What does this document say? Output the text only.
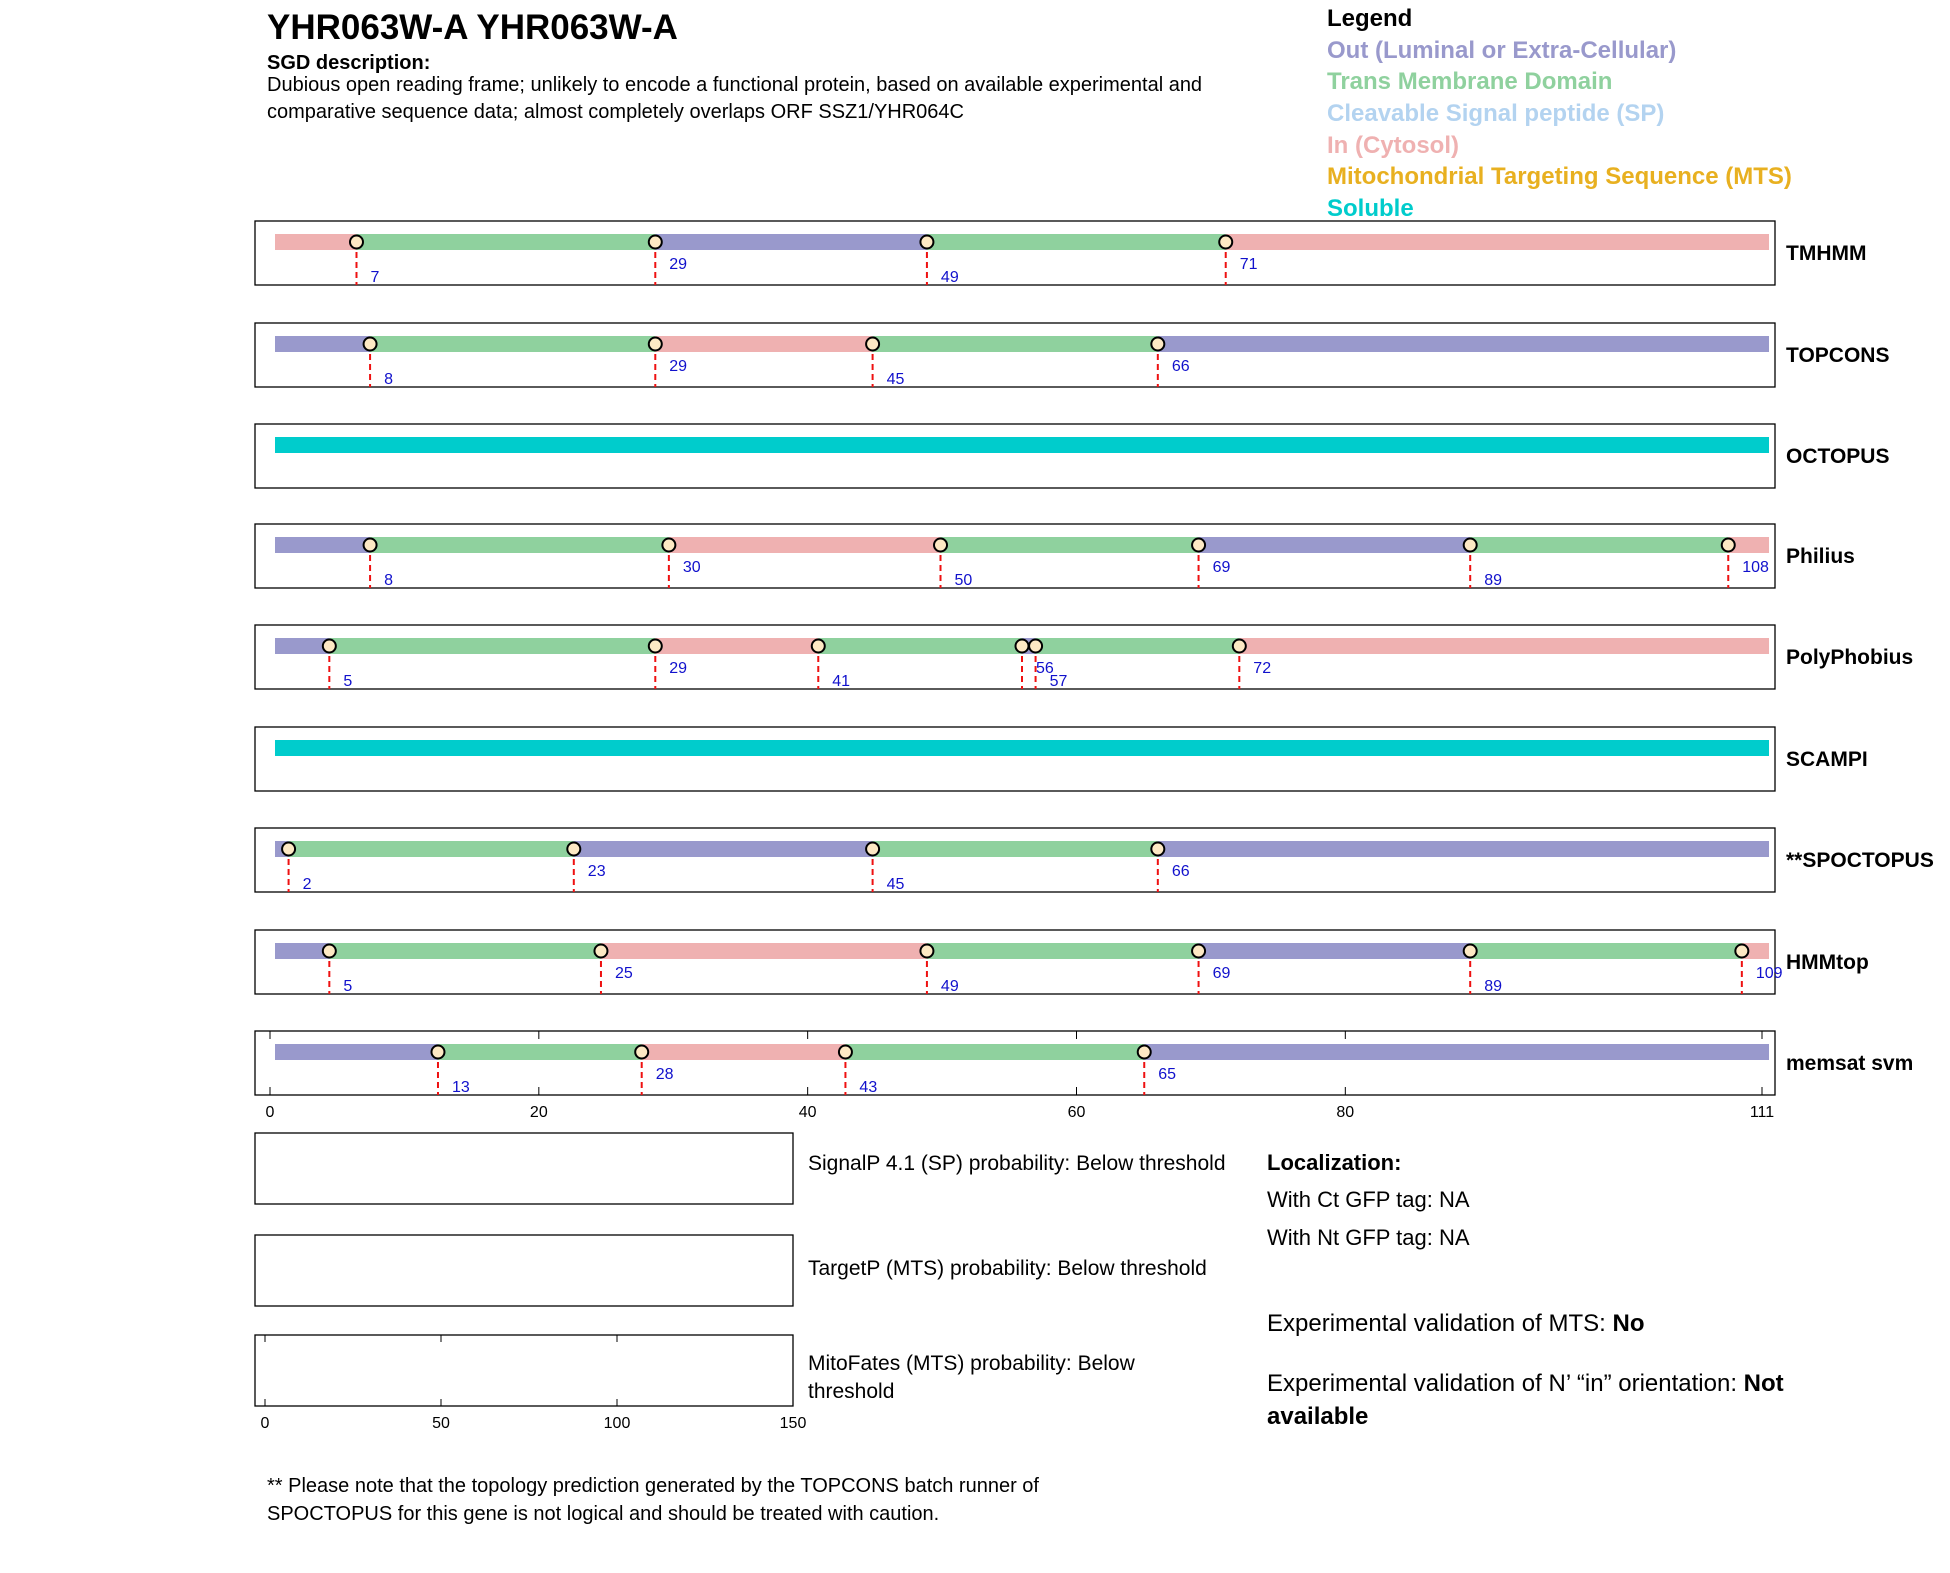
YHR063W-A YHR063W-A
SGD description:
Dubious open reading frame; unlikely to encode a functional protein, based on available experimental and comparative sequence data; almost completely overlaps ORF SSZ1/YHR064C
Legend
Out (Luminal or Extra-Cellular)
Trans Membrane Domain
Cleavable Signal peptide (SP)
In (Cytosol)
Mitochondrial Targeting Sequence (MTS)
Soluble
TMHMM
7
29
49
71
TOPCONS
8
29
45
66
OCTOPUS
Philius
8
30
50
69
89
108
PolyPhobius
5
29
41
56
57
72
SCAMPI
**SPOCTOPUS
2
23
45
66
HMMtop
5
25
49
69
89
109
memsat svm
13
28
43
65
0	20	40	60	80	111
0	50	100	150
SignalP 4.1 (SP) probability: Below threshold
TargetP (MTS) probability: Below threshold
MitoFates (MTS) probability: Below threshold
Localization:
With Ct GFP tag: NA
With Nt GFP tag: NA
Experimental validation of MTS: No
Experimental validation of N’ “in” orientation: Not available
** Please note that the topology prediction generated by the TOPCONS batch runner of SPOCTOPUS for this gene is not logical and should be treated with caution.
